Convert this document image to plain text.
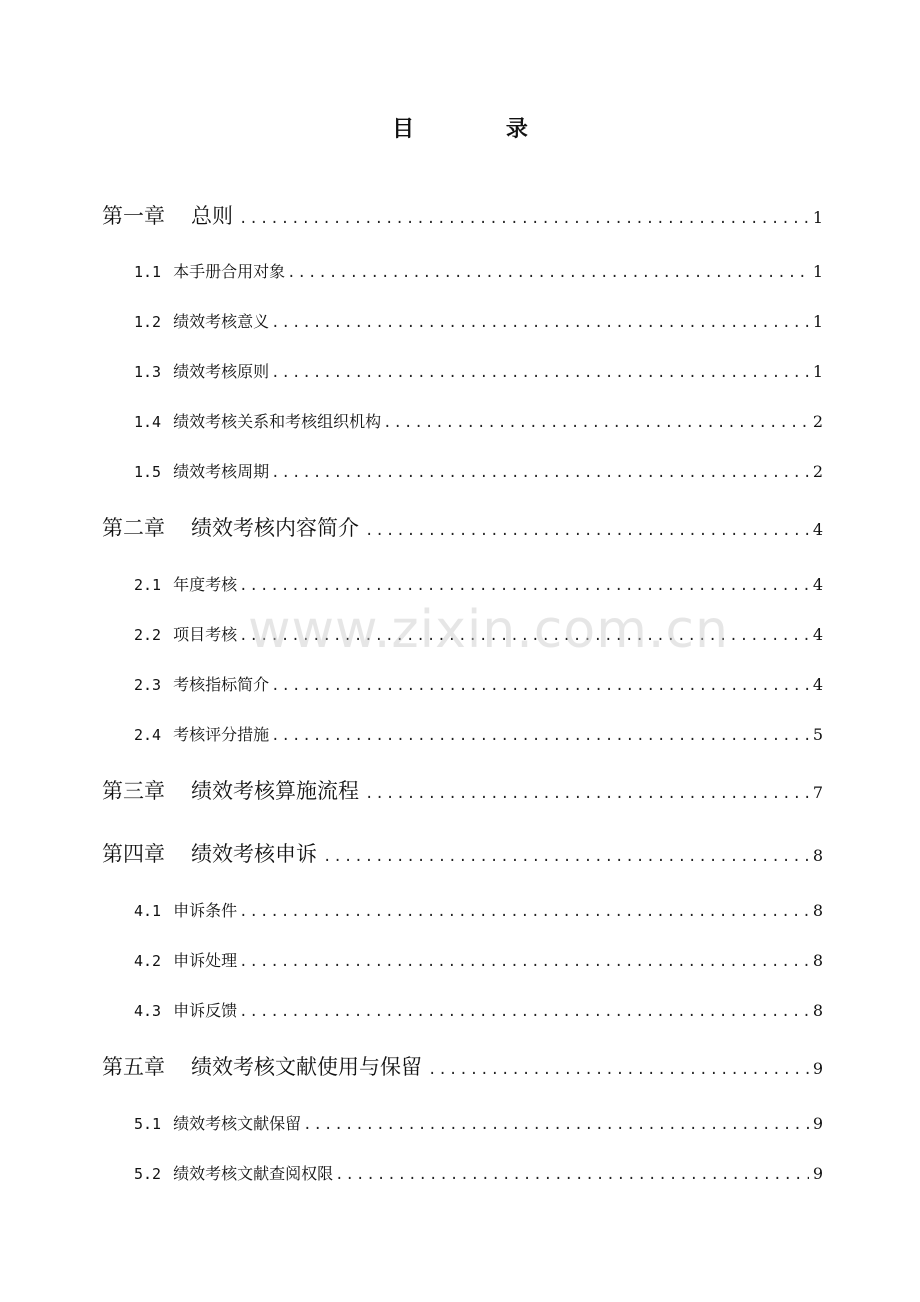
目 录
第一章 总则 .....	1
1.1 本手册合用对象 .....	1
1.2 绩效考核意义 .....	1
1.3 绩效考核原则 .....	1
1.4 绩效考核关系和考核组织机构 .....	2
1.5 绩效考核周期 .....	2
第二章 绩效考核内容简介 .....	4
2.1 年度考核 .....	4
2.2 项目考核 .....	4
2.3 考核指标简介 .....	4
2.4 考核评分措施 .....	5
第三章 绩效考核算施流程 .....	7
第四章 绩效考核申诉 .....	8
4.1 申诉条件 .....	8
4.2 申诉处理 .....	8
4.3 申诉反馈 .....	8
第五章 绩效考核文献使用与保留 .....	9
5.1 绩效考核文献保留 .....	9
5.2 绩效考核文献查阅权限 .....	9
www.zixin.com.cn
